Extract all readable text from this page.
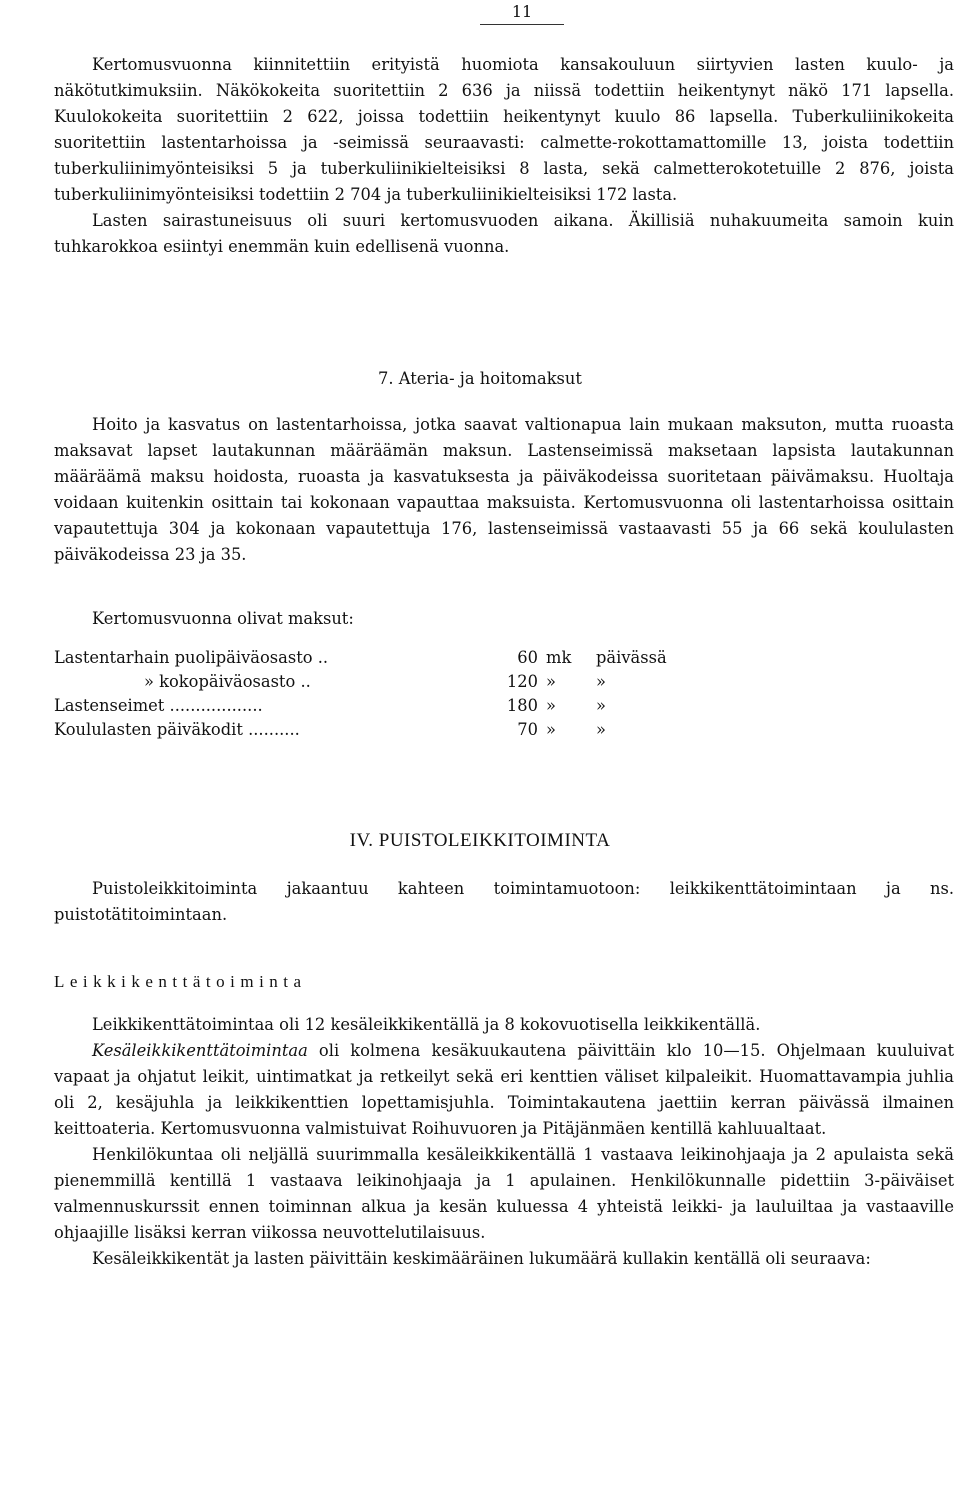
11

Kertomusvuonna kiinnitettiin erityistä huomiota kansakouluun siirtyvien lasten kuulo- ja näkötutkimuksiin. Näkökokeita suoritettiin 2 636 ja niissä todettiin heikentynyt näkö 171 lapsella. Kuulokokeita suoritettiin 2 622, joissa todettiin heikentynyt kuulo 86 lapsella. Tuberkuliinikokeita suoritettiin lastentarhoissa ja -seimissä seuraavasti: calmette-rokottamattomille 13, joista todettiin tuberkuliinimyönteisiksi 5 ja tuberkuliinikielteisiksi 8 lasta, sekä calmetterokotetuille 2 876, joista tuberkuliinimyönteisiksi todettiin 2 704 ja tuberkuliinikielteisiksi 172 lasta.

Lasten sairastuneisuus oli suuri kertomusvuoden aikana. Äkillisiä nuhakuumeita samoin kuin tuhkarokkoa esiintyi enemmän kuin edellisenä vuonna.

7. Ateria- ja hoitomaksut

Hoito ja kasvatus on lastentarhoissa, jotka saavat valtionapua lain mukaan maksuton, mutta ruoasta maksavat lapset lautakunnan määräämän maksun. Lastenseimissä maksetaan lapsista lautakunnan määräämä maksu hoidosta, ruoasta ja kasvatuksesta ja päiväkodeissa suoritetaan päivämaksu. Huoltaja voidaan kuitenkin osittain tai kokonaan vapauttaa maksuista. Kertomusvuonna oli lastentarhoissa osittain vapautettuja 304 ja kokonaan vapautettuja 176, lastenseimissä vastaavasti 55 ja 66 sekä koululasten päiväkodeissa 23 ja 35.

Kertomusvuonna olivat maksut:
Lastentarhain puolipäiväosasto ..	60	mk	päivässä
» kokopäiväosasto ..	120	»	»
Lastenseimet ..................	180	»	»
Koululasten päiväkodit ..........	70	»	»
IV. PUISTOLEIKKITOIMINTA

Puistoleikkitoiminta jakaantuu kahteen toimintamuotoon: leikkikenttätoimintaan ja ns. puistotätitoimintaan.

Leikkikenttätoiminta

Leikkikenttätoimintaa oli 12 kesäleikkikentällä ja 8 kokovuotisella leikkikentällä.

Kesäleikkikenttätoimintaa oli kolmena kesäkuukautena päivittäin klo 10—15. Ohjelmaan kuuluivat vapaat ja ohjatut leikit, uintimatkat ja retkeilyt sekä eri kenttien väliset kilpaleikit. Huomattavampia juhlia oli 2, kesäjuhla ja leikkikenttien lopettamisjuhla. Toimintakautena jaettiin kerran päivässä ilmainen keittoateria. Kertomusvuonna valmistuivat Roihuvuoren ja Pitäjänmäen kentillä kahluualtaat.

Henkilökuntaa oli neljällä suurimmalla kesäleikkikentällä 1 vastaava leikinohjaaja ja 2 apulaista sekä pienemmillä kentillä 1 vastaava leikinohjaaja ja 1 apulainen. Henkilökunnalle pidettiin 3-päiväiset valmennuskurssit ennen toiminnan alkua ja kesän kuluessa 4 yhteistä leikki- ja lauluiltaa ja vastaaville ohjaajille lisäksi kerran viikossa neuvottelutilaisuus.

Kesäleikkikentät ja lasten päivittäin keskimääräinen lukumäärä kullakin kentällä oli seuraava:
